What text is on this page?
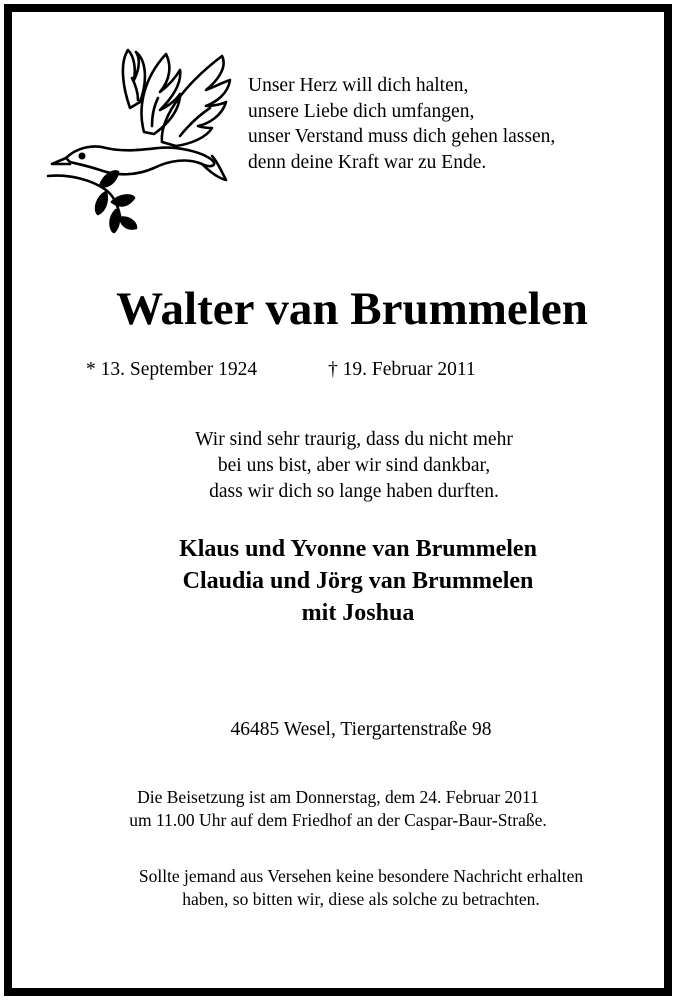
Unser Herz will dich halten,
unsere Liebe dich umfangen,
unser Verstand muss dich gehen lassen,
denn deine Kraft war zu Ende.
Walter van Brummelen
* 13. September 1924	† 19. Februar 2011
Wir sind sehr traurig, dass du nicht mehr
bei uns bist, aber wir sind dankbar,
dass wir dich so lange haben durften.
Klaus und Yvonne van Brummelen
Claudia und Jörg van Brummelen
mit Joshua
46485 Wesel, Tiergartenstraße 98
Die Beisetzung ist am Donnerstag, dem 24. Februar 2011
um 11.00 Uhr auf dem Friedhof an der Caspar-Baur-Straße.
Sollte jemand aus Versehen keine besondere Nachricht erhalten
haben, so bitten wir, diese als solche zu betrachten.
